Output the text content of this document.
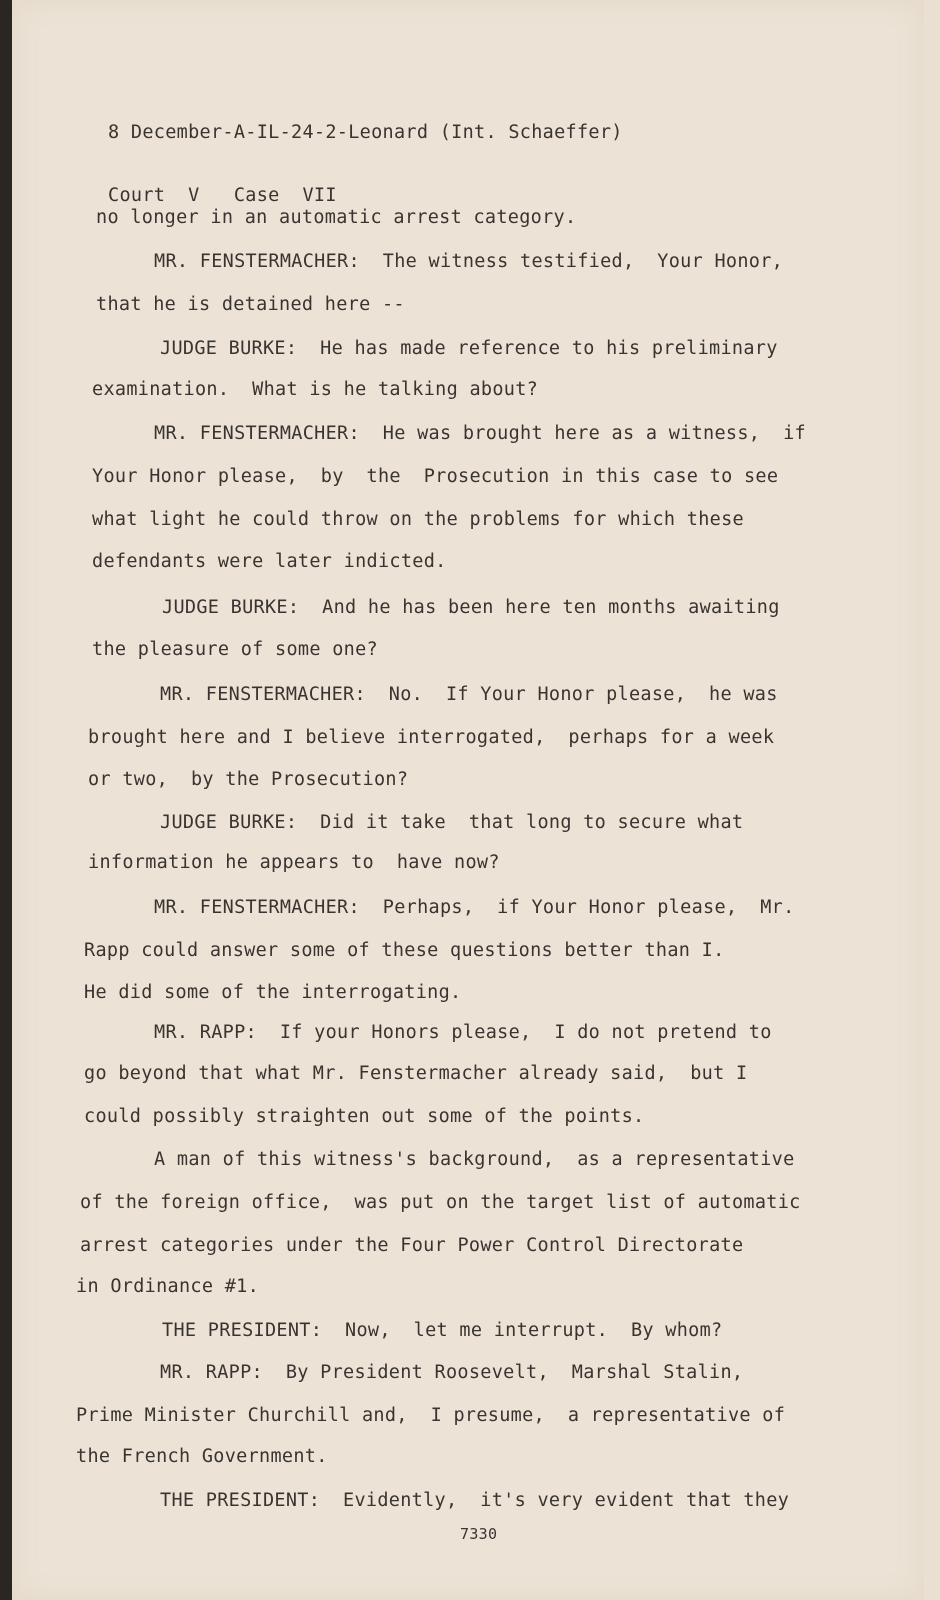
8 December-A-IL-24-2-Leonard (Int. Schaeffer)

Court  V   Case  VII

no longer in an automatic arrest category.
MR. FENSTERMACHER:  The witness testified,  Your Honor,
that he is detained here --
JUDGE BURKE:  He has made reference to his preliminary
examination.  What is he talking about?
MR. FENSTERMACHER:  He was brought here as a witness,  if
Your Honor please,  by  the  Prosecution in this case to see
what light he could throw on the problems for which these
defendants were later indicted.
JUDGE BURKE:  And he has been here ten months awaiting
the pleasure of some one?
MR. FENSTERMACHER:  No.  If Your Honor please,  he was
brought here and I believe interrogated,  perhaps for a week
or two,  by the Prosecution?
JUDGE BURKE:  Did it take  that long to secure what
information he appears to  have now?
MR. FENSTERMACHER:  Perhaps,  if Your Honor please,  Mr.
Rapp could answer some of these questions better than I.
He did some of the interrogating.
MR. RAPP:  If your Honors please,  I do not pretend to
go beyond that what Mr. Fenstermacher already said,  but I
could possibly straighten out some of the points.
A man of this witness's background,  as a representative
of the foreign office,  was put on the target list of automatic
arrest categories under the Four Power Control Directorate
in Ordinance #1.
THE PRESIDENT:  Now,  let me interrupt.  By whom?
MR. RAPP:  By President Roosevelt,  Marshal Stalin,
Prime Minister Churchill and,  I presume,  a representative of
the French Government.
THE PRESIDENT:  Evidently,  it's very evident that they
7330
